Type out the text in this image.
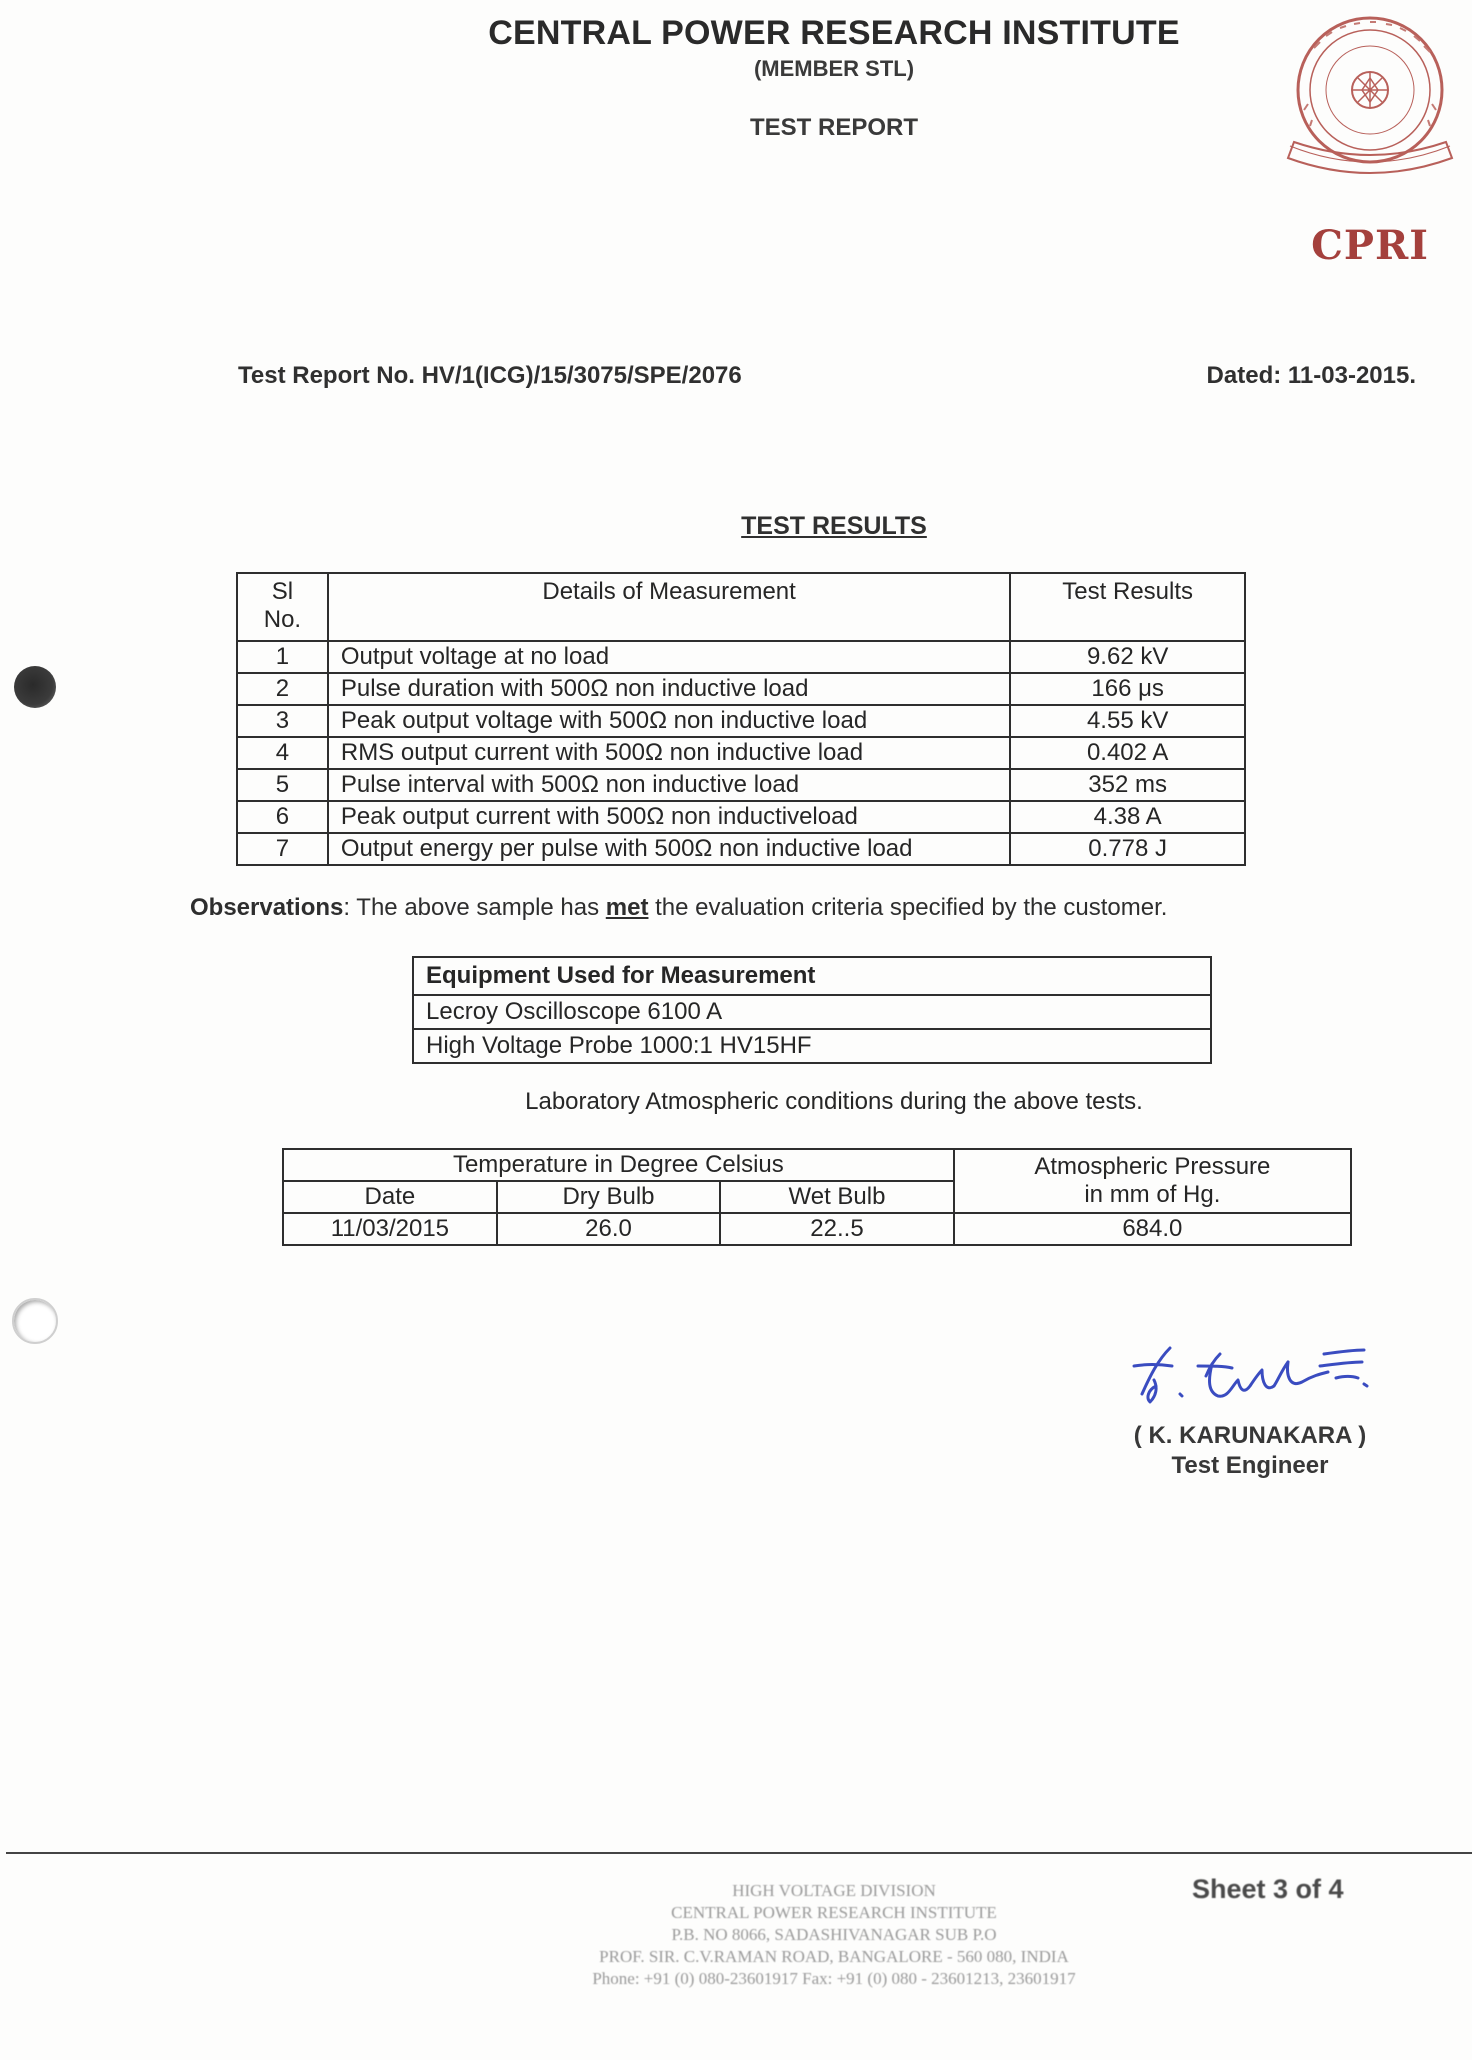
CENTRAL POWER RESEARCH INSTITUTE
(MEMBER STL)
TEST REPORT
CPRI
Test Report No. HV/1(ICG)/15/3075/SPE/2076	Dated: 11-03-2015.
TEST RESULTS
Sl
No.	Details of Measurement	Test Results
1	Output voltage at no load	9.62 kV
2	Pulse duration with 500Ω non inductive load	166 μs
3	Peak output voltage with 500Ω non inductive load	4.55 kV
4	RMS output current with 500Ω non inductive load	0.402 A
5	Pulse interval with 500Ω non inductive load	352 ms
6	Peak output current with 500Ω non inductiveload	4.38 A
7	Output energy per pulse with 500Ω non inductive load	0.778 J
Observations: The above sample has met the evaluation criteria specified by the customer.
Equipment Used for Measurement
Lecroy Oscilloscope 6100 A
High Voltage Probe 1000:1 HV15HF
Laboratory Atmospheric conditions during the above tests.
Temperature in Degree Celsius			Atmospheric Pressure
in mm of Hg.
Date	Dry Bulb	Wet Bulb	
11/03/2015	26.0	22..5	684.0
( K. KARUNAKARA )
Test Engineer
HIGH VOLTAGE DIVISION
CENTRAL POWER RESEARCH INSTITUTE
P.B. NO 8066, SADASHIVANAGAR SUB P.O
PROF. SIR. C.V.RAMAN ROAD, BANGALORE - 560 080, INDIA
Phone: +91 (0) 080-23601917 Fax: +91 (0) 080 - 23601213, 23601917
Sheet 3 of 4
